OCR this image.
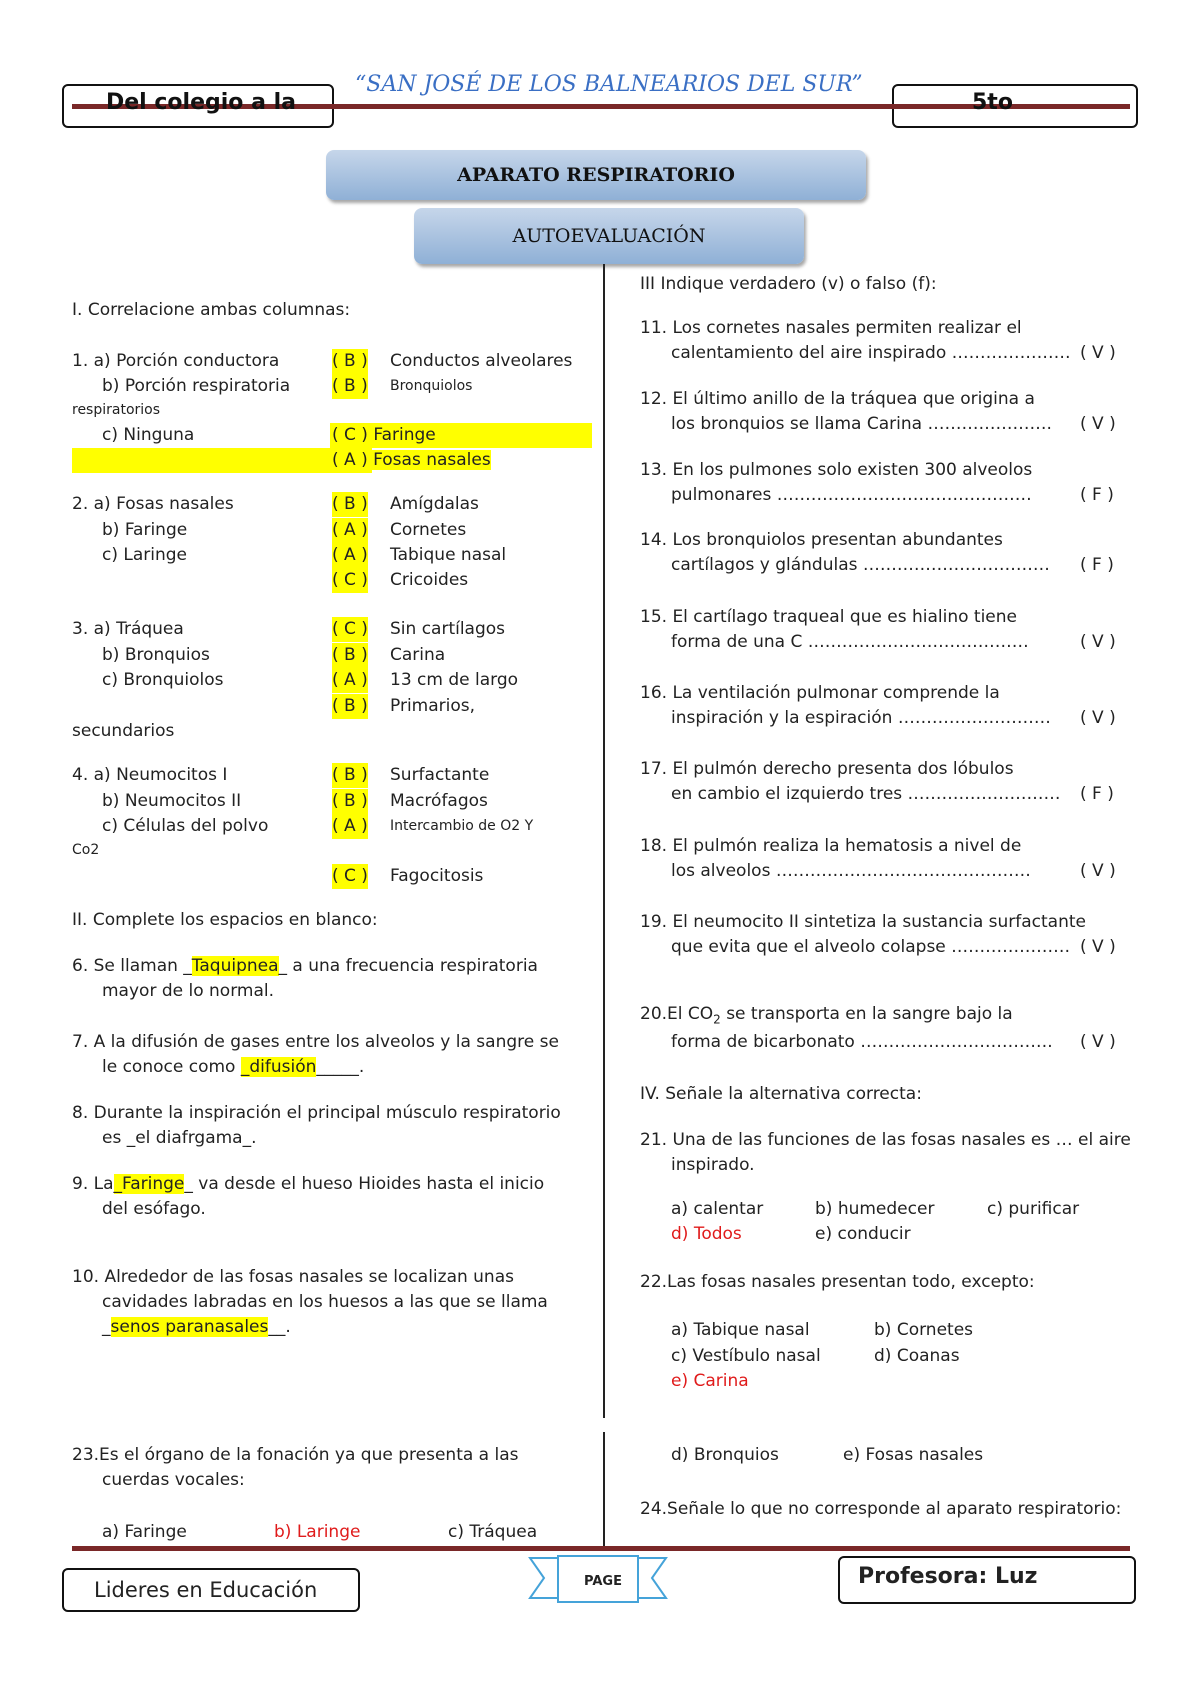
Del colegio a la	5to
“SAN JOSÉ DE LOS BALNEARIOS DEL SUR”
APARATO RESPIRATORIO
AUTOEVALUACIÓN
I. Correlacione ambas columnas:
1. a) Porción conductora	( B ) Conductos alveolares
b) Porción respiratoria ( B ) Bronquiolos
respiratorios
c) Ninguna	( C ) Faringe
( A ) Fosas nasales
2. a) Fosas nasales	( B ) Amígdalas
b) Faringe	( A ) Cornetes
c) Laringe	( A ) Tabique nasal
( C ) Cricoides
3. a) Tráquea	( C ) Sin cartílagos
b) Bronquios	( B ) Carina
c) Bronquiolos	( A ) 13 cm de largo
( B ) Primarios,
secundarios
4. a) Neumocitos I	( B ) Surfactante
b) Neumocitos II	( B ) Macrófagos
c) Células del polvo	( A ) Intercambio de O2 Y
Co2
( C ) Fagocitosis
II. Complete los espacios en blanco:
6. Se llaman _Taquipnea_ a una frecuencia respiratoria
mayor de lo normal.
7. A la difusión de gases entre los alveolos y la sangre se
le conoce como _difusión_____.
8. Durante la inspiración el principal músculo respiratorio
es _el diafrgama_.
9. La_Faringe_ va desde el hueso Hioides hasta el inicio
del esófago.
10. Alrededor de las fosas nasales se localizan unas
cavidades labradas en los huesos a las que se llama
_senos paranasales__.
III Indique verdadero (v) o falso (f):
11. Los cornetes nasales permiten realizar el
calentamiento del aire inspirado ………………… ( V )
12. El último anillo de la tráquea que origina a
los bronquios se llama Carina …………………. ( V )
13. En los pulmones solo existen 300 alveolos
pulmonares ………………………………………	( F )
14. Los bronquiolos presentan abundantes
cartílagos y glándulas …………………………… ( F )
15. El cartílago traqueal que es hialino tiene
forma de una C …………………………………	( V )
16. La ventilación pulmonar comprende la
inspiración y la espiración ……………………… ( V )
17. El pulmón derecho presenta dos lóbulos
en cambio el izquierdo tres ……………………… ( F )
18. El pulmón realiza la hematosis a nivel de
los alveolos ………………………………………	( V )
19. El neumocito II sintetiza la sustancia surfactante
que evita que el alveolo colapse ………………… ( V )
20.El $CO_2$ se transporta en la sangre bajo la
forma de bicarbonato ……………………………. ( V )
IV. Señale la alternativa correcta:
21. Una de las funciones de las fosas nasales es … el aire
inspirado.
a) calentar	b) humedecer	c) purificar
d) Todos	e) conducir
22.Las fosas nasales presentan todo, excepto:
a) Tabique nasal	b) Cornetes
c) Vestíbulo nasal	d) Coanas
e) Carina
23.Es el órgano de la fonación ya que presenta a las
cuerdas vocales:
a) Faringe	b) Laringe	c) Tráquea
d) Bronquios	e) Fosas nasales
24.Señale lo que no corresponde al aparato respiratorio:
Lideres en Educación	PAGE	Profesora: Luz
